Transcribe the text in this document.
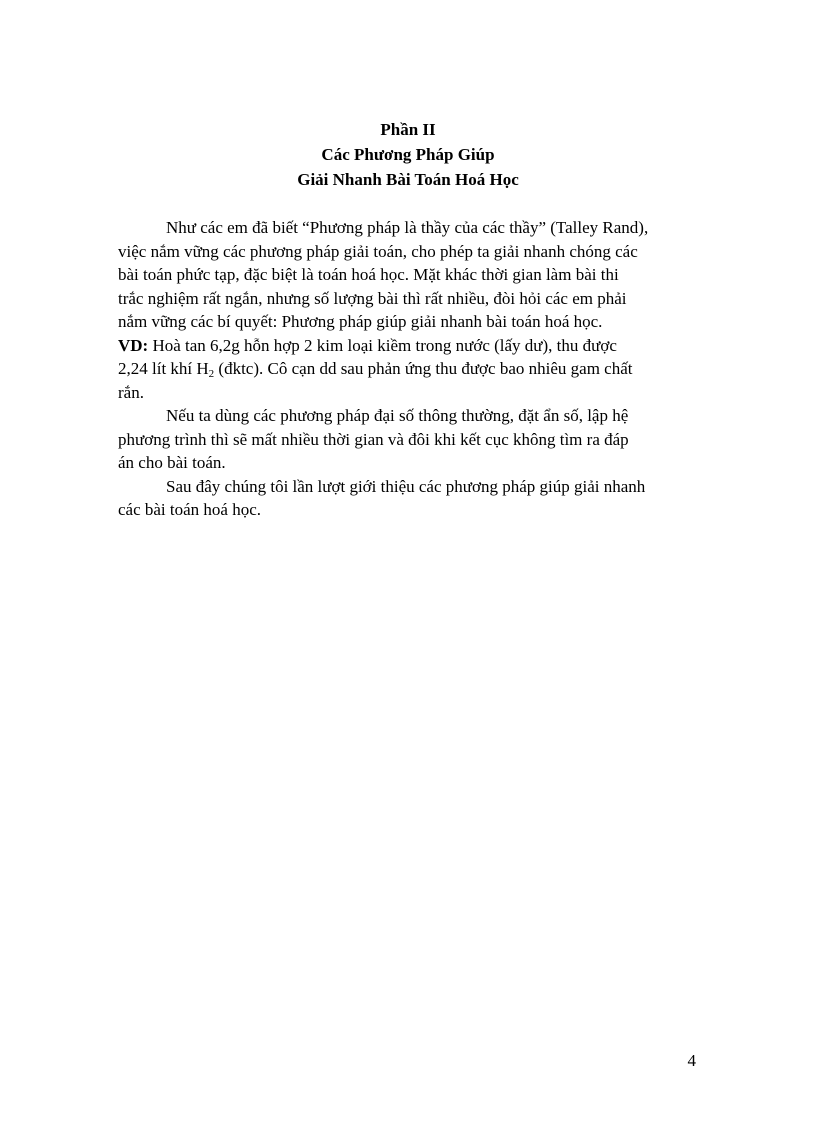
Phần II
Các Phương Pháp Giúp
Giải Nhanh Bài Toán Hoá Học
Như các em đã biết “Phương pháp là thầy của các thầy” (Talley Rand),
việc nắm vững các phương pháp giải toán, cho phép ta giải nhanh chóng các
bài toán phức tạp, đặc biệt là toán hoá học. Mặt khác thời gian làm bài thi
trắc nghiệm rất ngắn, nhưng số lượng bài thì rất nhiều, đòi hỏi các em phải
nắm vững các bí quyết: Phương pháp giúp giải nhanh bài toán hoá học.
VD: Hoà tan 6,2g hỗn hợp 2 kim loại kiềm trong nước (lấy dư), thu được
2,24 lít khí $H_2$ (đktc). Cô cạn dd sau phản ứng thu được bao nhiêu gam chất
rắn.
Nếu ta dùng các phương pháp đại số thông thường, đặt ẩn số, lập hệ
phương trình thì sẽ mất nhiều thời gian và đôi khi kết cục không tìm ra đáp
án cho bài toán.
Sau đây chúng tôi lần lượt giới thiệu các phương pháp giúp giải nhanh
các bài toán hoá học.
4
